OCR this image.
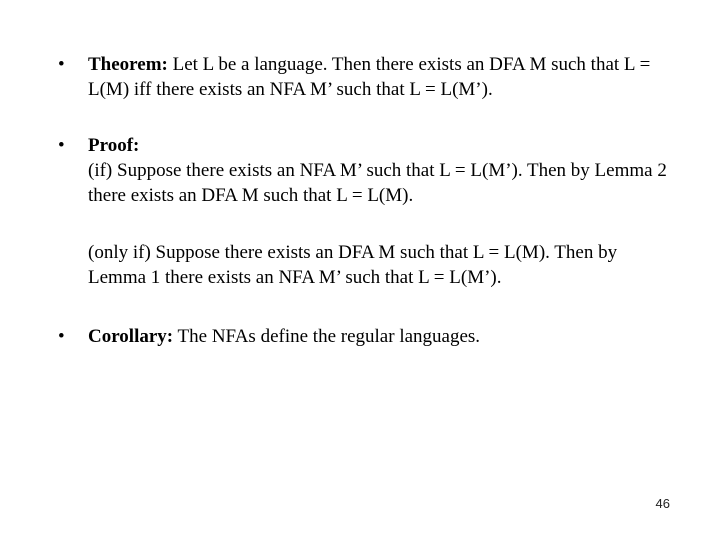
•	Theorem: Let L be a language. Then there exists an DFA M such that L = L(M) iff there exists an NFA M’ such that L = L(M’).

•	Proof:

(if) Suppose there exists an NFA M’ such that L = L(M’). Then by Lemma 2 there exists an DFA M such that L = L(M).

(only if) Suppose there exists an DFA M such that L = L(M). Then by Lemma 1 there exists an NFA M’ such that L = L(M’).

•	Corollary: The NFAs define the regular languages.

46
